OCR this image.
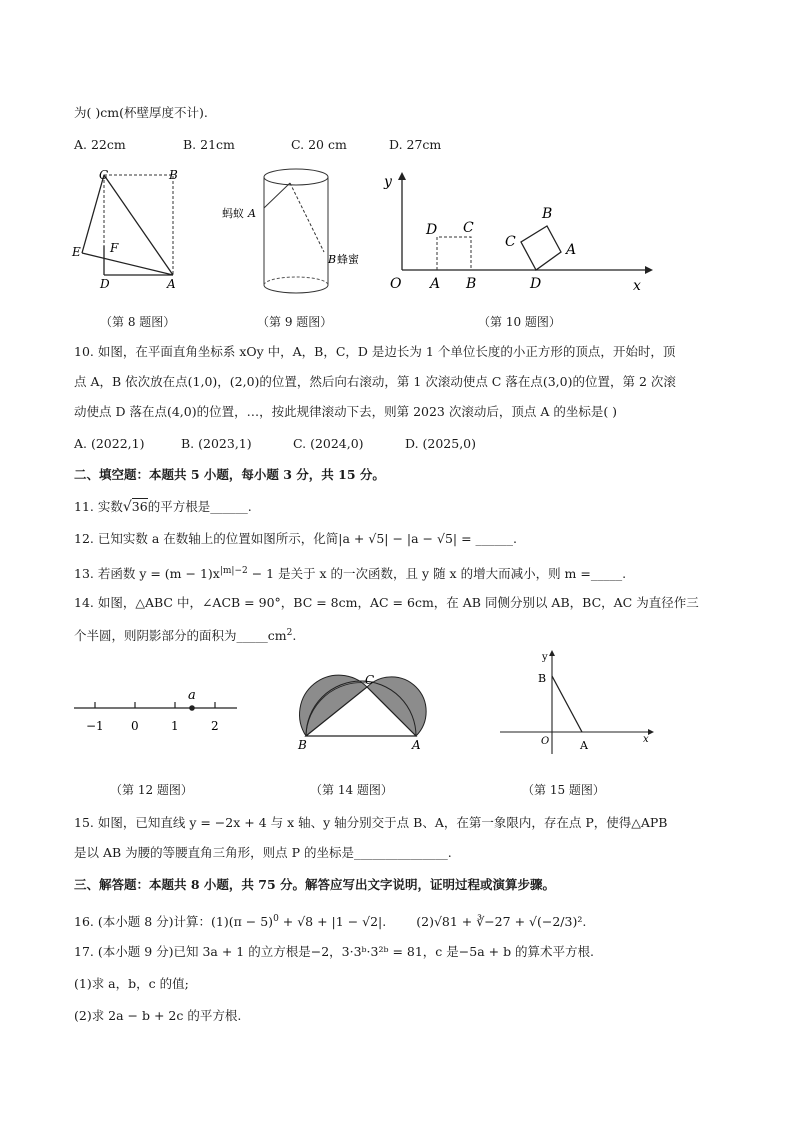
为( )cm(杯壁厚度不计).
A. 22cm	B. 21cm	C. 20 cm	D. 27cm
C	B
E F
D	A
（第 8 题图）
蚂蚁 A
B 蜂蜜
（第 9 题图）
y
D C
B
C	A
O A B	D	x
（第 10 题图）
10. 如图，在平面直角坐标系 xOy 中，A，B，C，D 是边长为 1 个单位长度的小正方形的顶点，开始时，顶
点 A，B 依次放在点(1,0)，(2,0)的位置，然后向右滚动，第 1 次滚动使点 C 落在点(3,0)的位置，第 2 次滚
动使点 D 落在点(4,0)的位置，…，按此规律滚动下去，则第 2023 次滚动后，顶点 A 的坐标是( )
A. (2022,1)	B. (2023,1)	C. (2024,0)	D. (2025,0)
二、填空题：本题共 5 小题，每小题 3 分，共 15 分。
11. 实数√36的平方根是______.
12. 已知实数 a 在数轴上的位置如图所示，化简|a + √5| − |a − √5| = ______.
13. 若函数 $y = (m - 1)x^{|m|-2} - 1$ 是关于 x 的一次函数，且 y 随 x 的增大而减小，则 m =_____.
14. 如图，△ABC 中，∠ACB = 90°，BC = 8cm，AC = 6cm，在 AB 同侧分别以 AB，BC，AC 为直径作三
个半圆，则阴影部分的面积为$\_\_\_\_\_cm^2$.
a
−1 0	1	2
（第 12 题图）
C
B	A
（第 14 题图）
y
B
O	A	x
（第 15 题图）
15. 如图，已知直线 y = −2x + 4 与 x 轴、y 轴分别交于点 B、A，在第一象限内，存在点 P，使得△APB
是以 AB 为腰的等腰直角三角形，则点 P 的坐标是_______________.
三、解答题：本题共 8 小题，共 75 分。解答应写出文字说明，证明过程或演算步骤。
16. (本小题 8 分)计算：$(1)(\pi - 5)^0 + √8 + |1 - √2|$. (2)√81 + ∛−27 + √(−2/3)².
17. (本小题 9 分)已知 3a + 1 的立方根是−2，3·3ᵇ·3²ᵇ = 81，c 是−5a + b 的算术平方根.
(1)求 a，b，c 的值;
(2)求 2a − b + 2c 的平方根.
